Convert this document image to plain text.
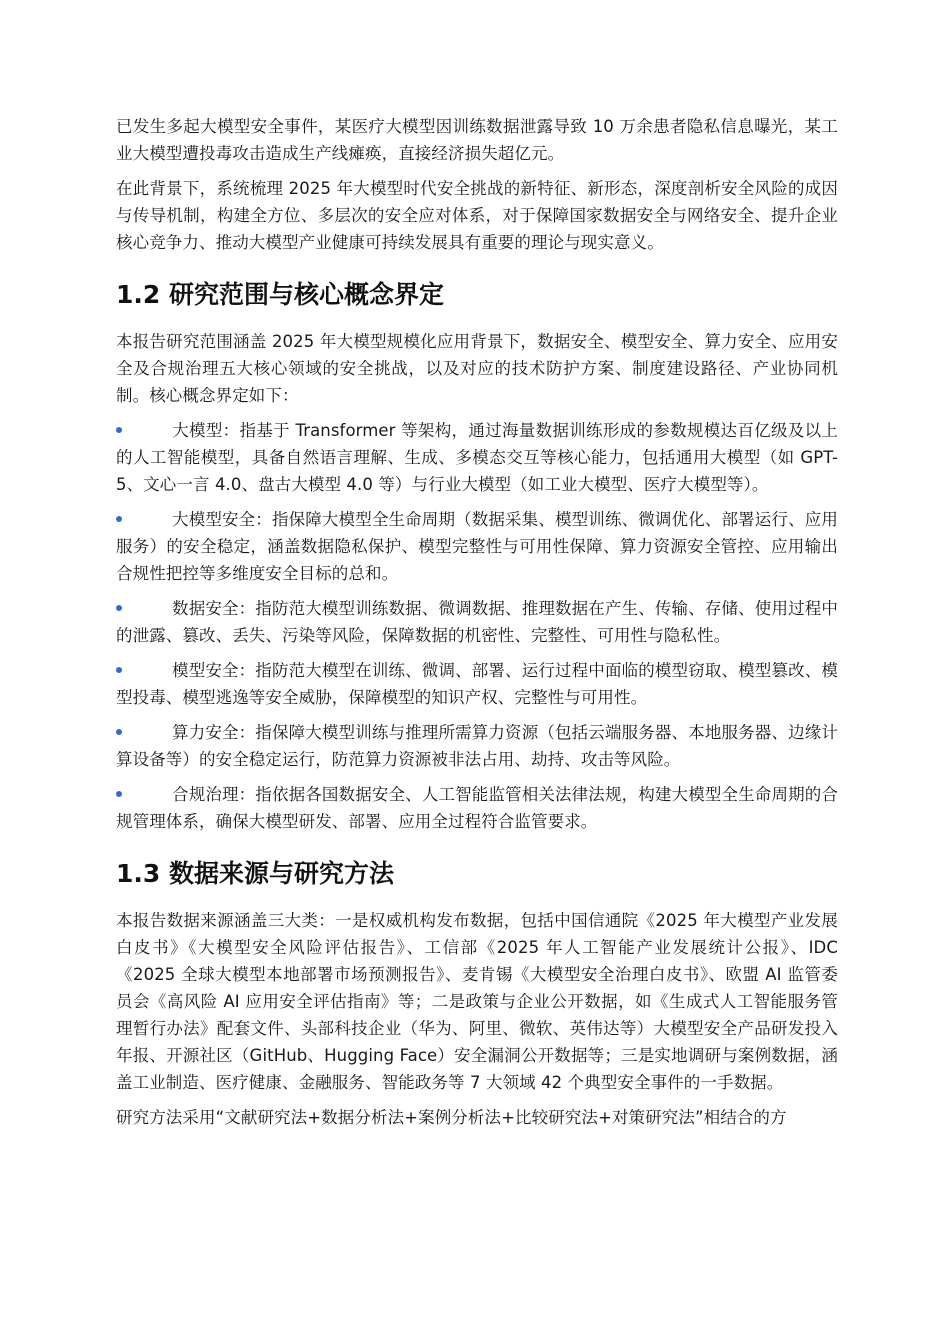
已发生多起大模型安全事件，某医疗大模型因训练数据泄露导致 10 万余患者隐私信息曝光，某工业大模型遭投毒攻击造成生产线瘫痪，直接经济损失超亿元。

在此背景下，系统梳理 2025 年大模型时代安全挑战的新特征、新形态，深度剖析安全风险的成因与传导机制，构建全方位、多层次的安全应对体系，对于保障国家数据安全与网络安全、提升企业核心竞争力、推动大模型产业健康可持续发展具有重要的理论与现实意义。

1.2 研究范围与核心概念界定

本报告研究范围涵盖 2025 年大模型规模化应用背景下，数据安全、模型安全、算力安全、应用安全及合规治理五大核心领域的安全挑战，以及对应的技术防护方案、制度建设路径、产业协同机制。核心概念界定如下：

大模型：指基于 Transformer 等架构，通过海量数据训练形成的参数规模达百亿级及以上的人工智能模型，具备自然语言理解、生成、多模态交互等核心能力，包括通用大模型（如 GPT-5、文心一言 4.0、盘古大模型 4.0 等）与行业大模型（如工业大模型、医疗大模型等）。
大模型安全：指保障大模型全生命周期（数据采集、模型训练、微调优化、部署运行、应用服务）的安全稳定，涵盖数据隐私保护、模型完整性与可用性保障、算力资源安全管控、应用输出合规性把控等多维度安全目标的总和。
数据安全：指防范大模型训练数据、微调数据、推理数据在产生、传输、存储、使用过程中的泄露、篡改、丢失、污染等风险，保障数据的机密性、完整性、可用性与隐私性。
模型安全：指防范大模型在训练、微调、部署、运行过程中面临的模型窃取、模型篡改、模型投毒、模型逃逸等安全威胁，保障模型的知识产权、完整性与可用性。
算力安全：指保障大模型训练与推理所需算力资源（包括云端服务器、本地服务器、边缘计算设备等）的安全稳定运行，防范算力资源被非法占用、劫持、攻击等风险。
合规治理：指依据各国数据安全、人工智能监管相关法律法规，构建大模型全生命周期的合规管理体系，确保大模型研发、部署、应用全过程符合监管要求。
1.3 数据来源与研究方法

本报告数据来源涵盖三大类：一是权威机构发布数据，包括中国信通院《2025 年大模型产业发展白皮书》《大模型安全风险评估报告》、工信部《2025 年人工智能产业发展统计公报》、IDC《2025 全球大模型本地部署市场预测报告》、麦肯锡《大模型安全治理白皮书》、欧盟 AI 监管委员会《高风险 AI 应用安全评估指南》等；二是政策与企业公开数据，如《生成式人工智能服务管理暂行办法》配套文件、头部科技企业（华为、阿里、微软、英伟达等）大模型安全产品研发投入年报、开源社区（GitHub、Hugging Face）安全漏洞公开数据等；三是实地调研与案例数据，涵盖工业制造、医疗健康、金融服务、智能政务等 7 大领域 42 个典型安全事件的一手数据。

研究方法采用“文献研究法+数据分析法+案例分析法+比较研究法+对策研究法”相结合的方
